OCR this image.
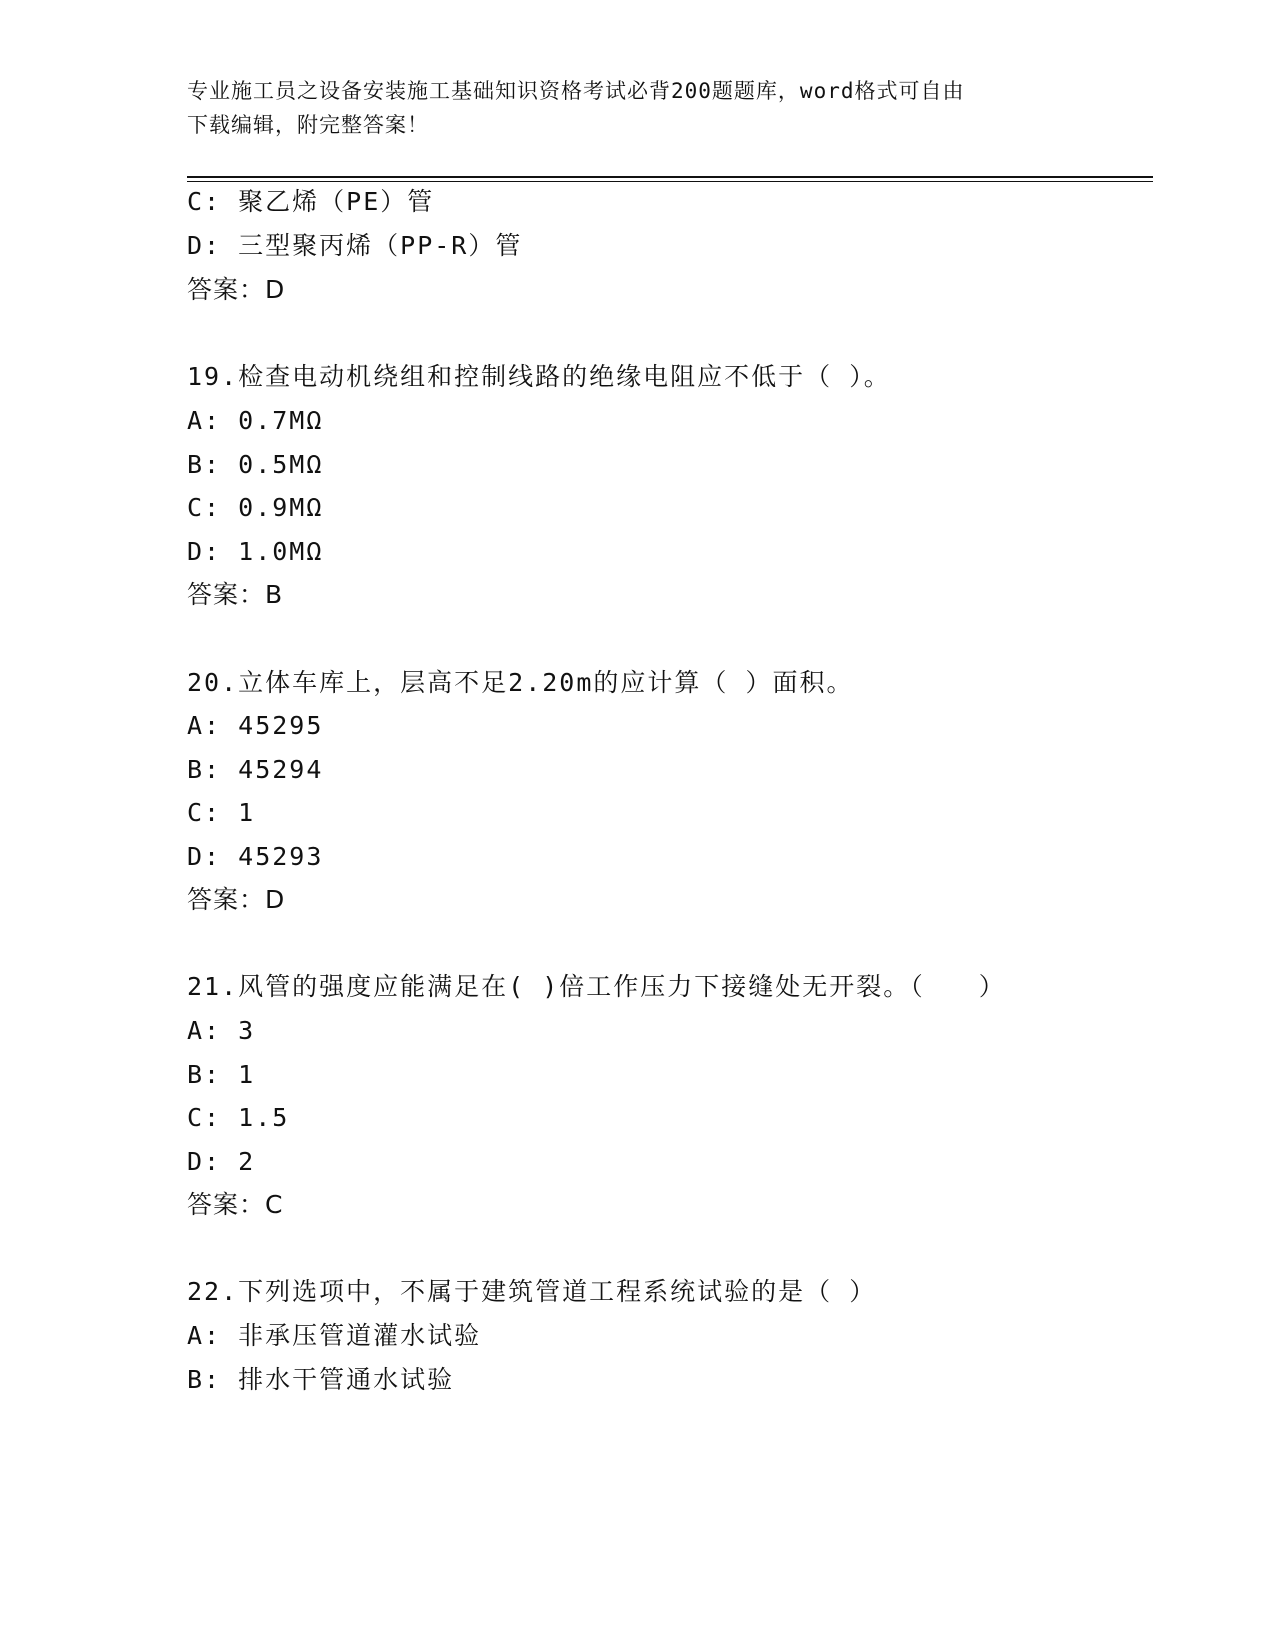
专业施工员之设备安装施工基础知识资格考试必背200题题库，word格式可自由
下载编辑，附完整答案！
C: 聚乙烯（PE）管
D: 三型聚丙烯（PP-R）管
答案：D
19.检查电动机绕组和控制线路的绝缘电阻应不低于（ ）。
A: 0.7MΩ
B: 0.5MΩ
C: 0.9MΩ
D: 1.0MΩ
答案：B
20.立体车库上，层高不足2.20m的应计算（ ）面积。
A: 45295
B: 45294
C: 1
D: 45293
答案：D
21.风管的强度应能满足在( )倍工作压力下接缝处无开裂。（　　）
A: 3
B: 1
C: 1.5
D: 2
答案：C
22.下列选项中，不属于建筑管道工程系统试验的是（ ）
A: 非承压管道灌水试验
B: 排水干管通水试验
